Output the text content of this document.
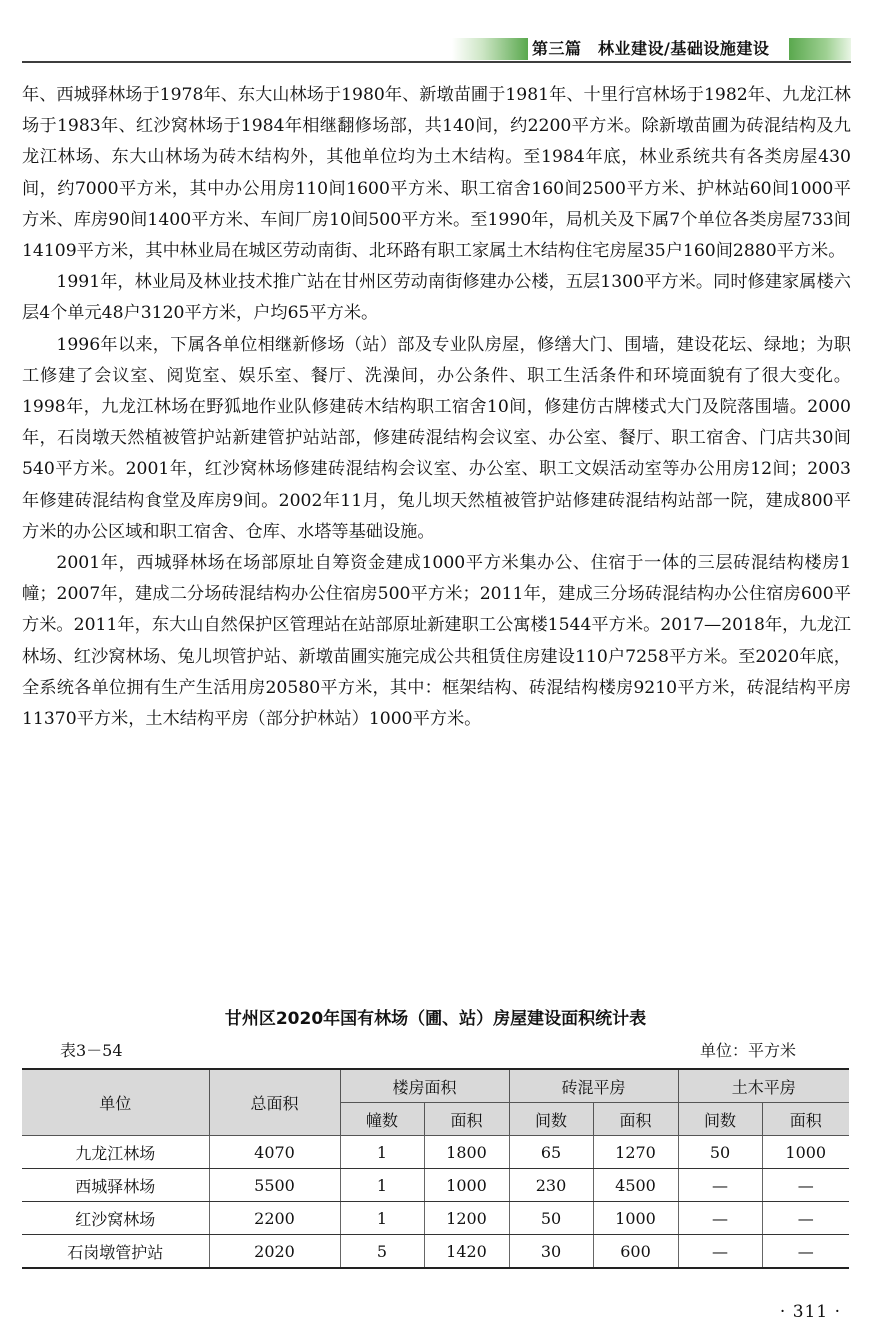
第三篇　林业建设/基础设施建设

年、西城驿林场于1978年、东大山林场于1980年、新墩苗圃于1981年、十里行宫林场于1982年、九龙江林场于1983年、红沙窝林场于1984年相继翻修场部，共140间，约2200平方米。除新墩苗圃为砖混结构及九龙江林场、东大山林场为砖木结构外，其他单位均为土木结构。至1984年底，林业系统共有各类房屋430间，约7000平方米，其中办公用房110间1600平方米、职工宿舍160间2500平方米、护林站60间1000平方米、库房90间1400平方米、车间厂房10间500平方米。至1990年，局机关及下属7个单位各类房屋733间14109平方米，其中林业局在城区劳动南街、北环路有职工家属土木结构住宅房屋35户160间2880平方米。

1991年，林业局及林业技术推广站在甘州区劳动南街修建办公楼，五层1300平方米。同时修建家属楼六层4个单元48户3120平方米，户均65平方米。

1996年以来，下属各单位相继新修场（站）部及专业队房屋，修缮大门、围墙，建设花坛、绿地；为职工修建了会议室、阅览室、娱乐室、餐厅、洗澡间，办公条件、职工生活条件和环境面貌有了很大变化。1998年，九龙江林场在野狐地作业队修建砖木结构职工宿舍10间，修建仿古牌楼式大门及院落围墙。2000年，石岗墩天然植被管护站新建管护站站部，修建砖混结构会议室、办公室、餐厅、职工宿舍、门店共30间540平方米。2001年，红沙窝林场修建砖混结构会议室、办公室、职工文娱活动室等办公用房12间；2003年修建砖混结构食堂及库房9间。2002年11月，兔儿坝天然植被管护站修建砖混结构站部一院，建成800平方米的办公区域和职工宿舍、仓库、水塔等基础设施。

2001年，西城驿林场在场部原址自筹资金建成1000平方米集办公、住宿于一体的三层砖混结构楼房1幢；2007年，建成二分场砖混结构办公住宿房500平方米；2011年，建成三分场砖混结构办公住宿房600平方米。2011年，东大山自然保护区管理站在站部原址新建职工公寓楼1544平方米。2017—2018年，九龙江林场、红沙窝林场、兔儿坝管护站、新墩苗圃实施完成公共租赁住房建设110户7258平方米。至2020年底，全系统各单位拥有生产生活用房20580平方米，其中：框架结构、砖混结构楼房9210平方米，砖混结构平房11370平方米，土木结构平房（部分护林站）1000平方米。

甘州区2020年国有林场（圃、站）房屋建设面积统计表
表3－54	单位：平方米
单位	总面积	楼房面积		砖混平房		土木平房	
		幢数	面积	间数	面积	间数	面积
九龙江林场	4070	1	1800	65	1270	50	1000
西城驿林场	5500	1	1000	230	4500	—	—
红沙窝林场	2200	1	1200	50	1000	—	—
石岗墩管护站	2020	5	1420	30	600	—	—
· 311 ·
